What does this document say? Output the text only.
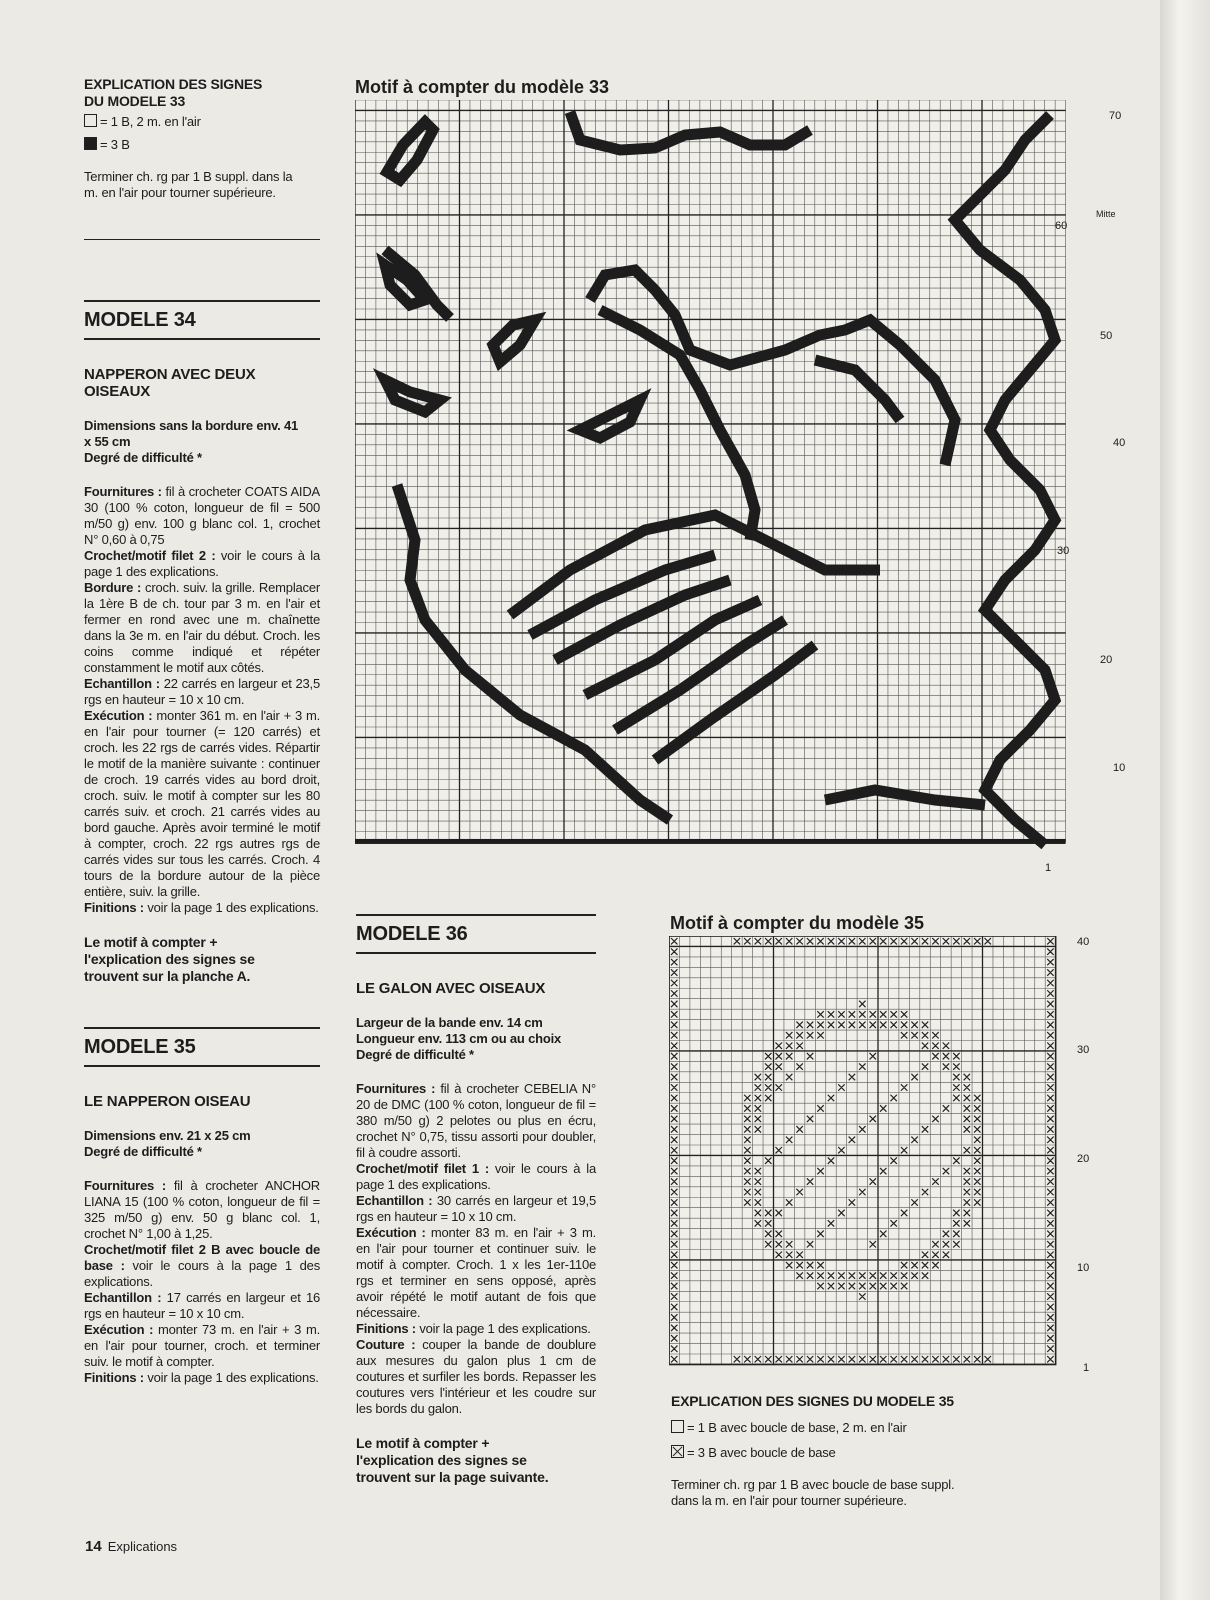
EXPLICATION DES SIGNES
DU MODELE 33
= 1 B, 2 m. en l'air
= 3 B
Terminer ch. rg par 1 B suppl. dans la
m. en l'air pour tourner supérieure.
MODELE 34
NAPPERON AVEC DEUX
OISEAUX
Dimensions sans la bordure env. 41
x 55 cm
Degré de difficulté *
Fournitures : fil à crocheter COATS AIDA 30 (100 % coton, longueur de fil = 500 m/50 g) env. 100 g blanc col. 1, crochet N° 0,60 à 0,75
Crochet/motif filet 2 : voir le cours à la page 1 des explications.
Bordure : croch. suiv. la grille. Remplacer la 1ère B de ch. tour par 3 m. en l'air et fermer en rond avec une m. chaînette dans la 3e m. en l'air du début. Croch. les coins comme indiqué et répéter constamment le motif aux côtés.
Echantillon : 22 carrés en largeur et 23,5 rgs en hauteur = 10 x 10 cm.
Exécution : monter 361 m. en l'air + 3 m. en l'air pour tourner (= 120 carrés) et croch. les 22 rgs de carrés vides. Répartir le motif de la manière suivante : continuer de croch. 19 carrés vides au bord droit, croch. suiv. le motif à compter sur les 80 carrés suiv. et croch. 21 carrés vides au bord gauche. Après avoir terminé le motif à compter, croch. 22 rgs autres rgs de carrés vides sur tous les carrés. Croch. 4 tours de la bordure autour de la pièce entière, suiv. la grille.
Finitions : voir la page 1 des explications.
Le motif à compter +
l'explication des signes se
trouvent sur la planche A.
MODELE 35
LE NAPPERON OISEAU
Dimensions env. 21 x 25 cm
Degré de difficulté *
Fournitures : fil à crocheter ANCHOR LIANA 15 (100 % coton, longueur de fil = 325 m/50 g) env. 50 g blanc col. 1, crochet N° 1,00 à 1,25.
Crochet/motif filet 2 B avec boucle de base : voir le cours à la page 1 des explications.
Echantillon : 17 carrés en largeur et 16 rgs en hauteur = 10 x 10 cm.
Exécution : monter 73 m. en l'air + 3 m. en l'air pour tourner, croch. et terminer suiv. le motif à compter.
Finitions : voir la page 1 des explications.
Motif à compter du modèle 33
70
60
Mitte
50
40
30
20
10
1
MODELE 36
LE GALON AVEC OISEAUX
Largeur de la bande env. 14 cm
Longueur env. 113 cm ou au choix
Degré de difficulté *
Fournitures : fil à crocheter CEBELIA N° 20 de DMC (100 % coton, longueur de fil = 380 m/50 g) 2 pelotes ou plus en écru, crochet N° 0,75, tissu assorti pour doubler, fil à coudre assorti.
Crochet/motif filet 1 : voir le cours à la page 1 des explications.
Echantillon : 30 carrés en largeur et 19,5 rgs en hauteur = 10 x 10 cm.
Exécution : monter 83 m. en l'air + 3 m. en l'air pour tourner et continuer suiv. le motif à compter. Croch. 1 x les 1er-110e rgs et terminer en sens opposé, après avoir répété le motif autant de fois que nécessaire.
Finitions : voir la page 1 des explications.
Couture : couper la bande de doublure aux mesures du galon plus 1 cm de coutures et surfiler les bords. Repasser les coutures vers l'intérieur et les coudre sur les bords du galon.
Le motif à compter +
l'explication des signes se
trouvent sur la page suivante.
Motif à compter du modèle 35
40
30
20
10
1
EXPLICATION DES SIGNES DU MODELE 35
= 1 B avec boucle de base, 2 m. en l'air
= 3 B avec boucle de base
Terminer ch. rg par 1 B avec boucle de base suppl.
dans la m. en l'air pour tourner supérieure.
14 Explications
